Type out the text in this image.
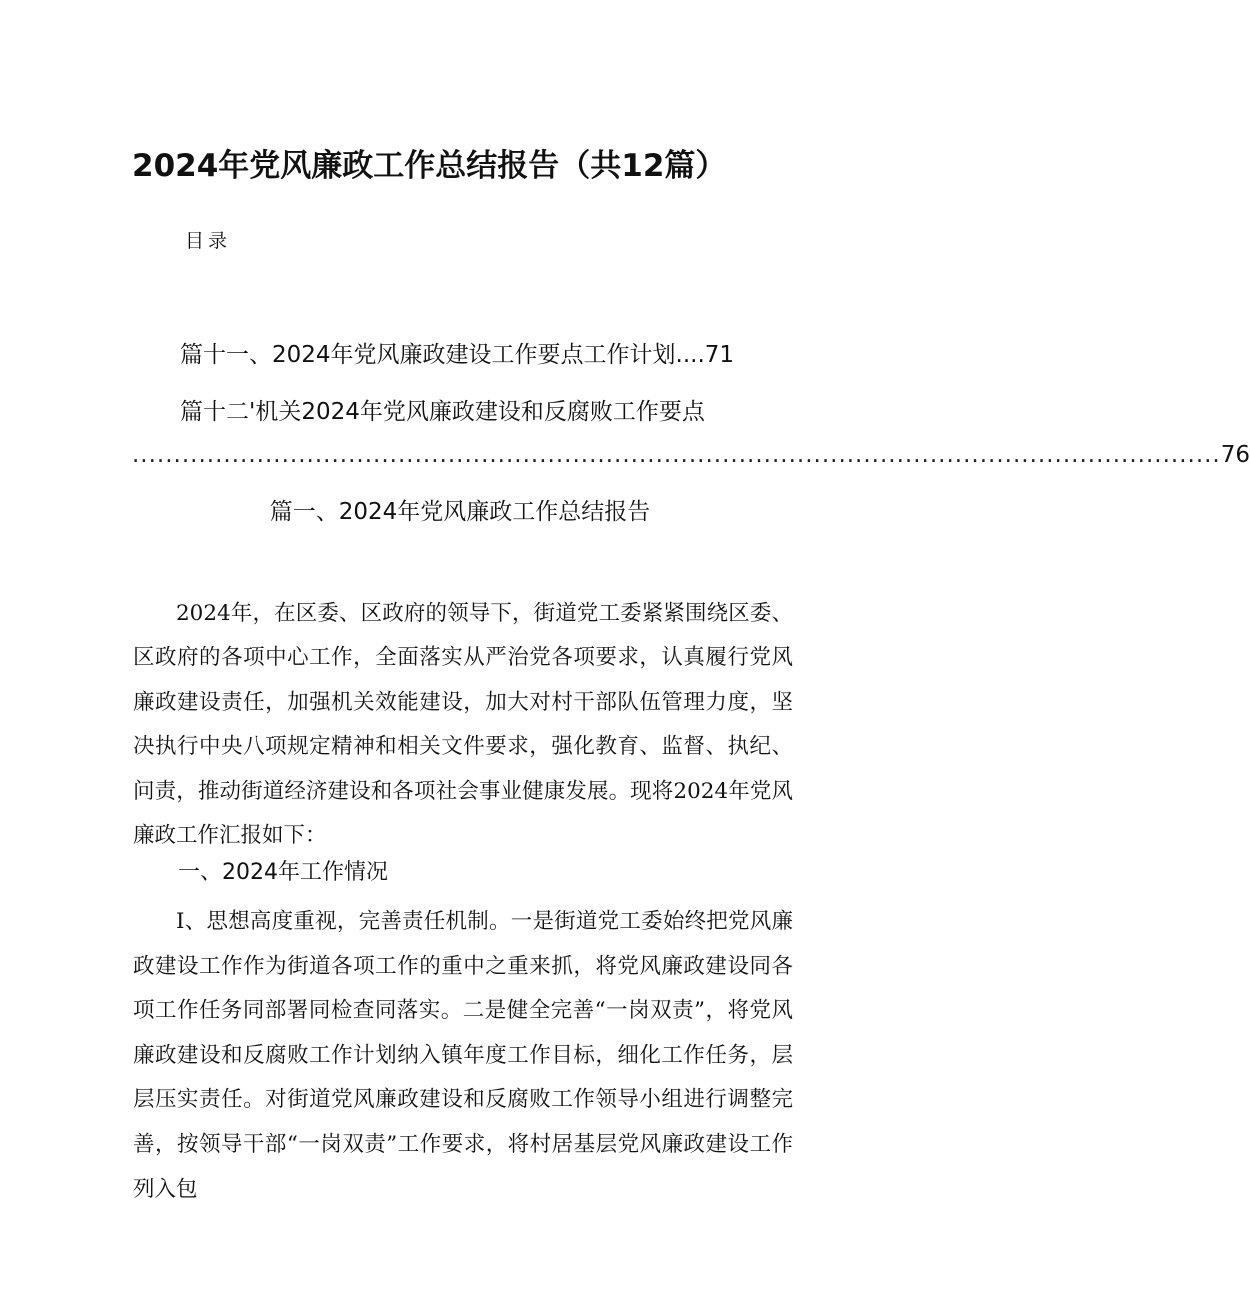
2024年党风廉政工作总结报告（共12篇）
目录
篇十一、2024年党风廉政建设工作要点工作计划....71
篇十二'机关2024年党风廉政建设和反腐败工作要点
................................................................................................................................... 76
篇一、2024年党风廉政工作总结报告

2024年，在区委、区政府的领导下，街道党工委紧紧围绕区委、区政府的各项中心工作，全面落实从严治党各项要求，认真履行党风廉政建设责任，加强机关效能建设，加大对村干部队伍管理力度，坚决执行中央八项规定精神和相关文件要求，强化教育、监督、执纪、问责，推动街道经济建设和各项社会事业健康发展。现将2024年党风廉政工作汇报如下：

一、2024年工作情况

I、思想高度重视，完善责任机制。一是街道党工委始终把党风廉政建设工作作为街道各项工作的重中之重来抓，将党风廉政建设同各项工作任务同部署同检查同落实。二是健全完善“一岗双责”，将党风廉政建设和反腐败工作计划纳入镇年度工作目标，细化工作任务，层层压实责任。对街道党风廉政建设和反腐败工作领导小组进行调整完善，按领导干部“一岗双责”工作要求，将村居基层党风廉政建设工作列入包
